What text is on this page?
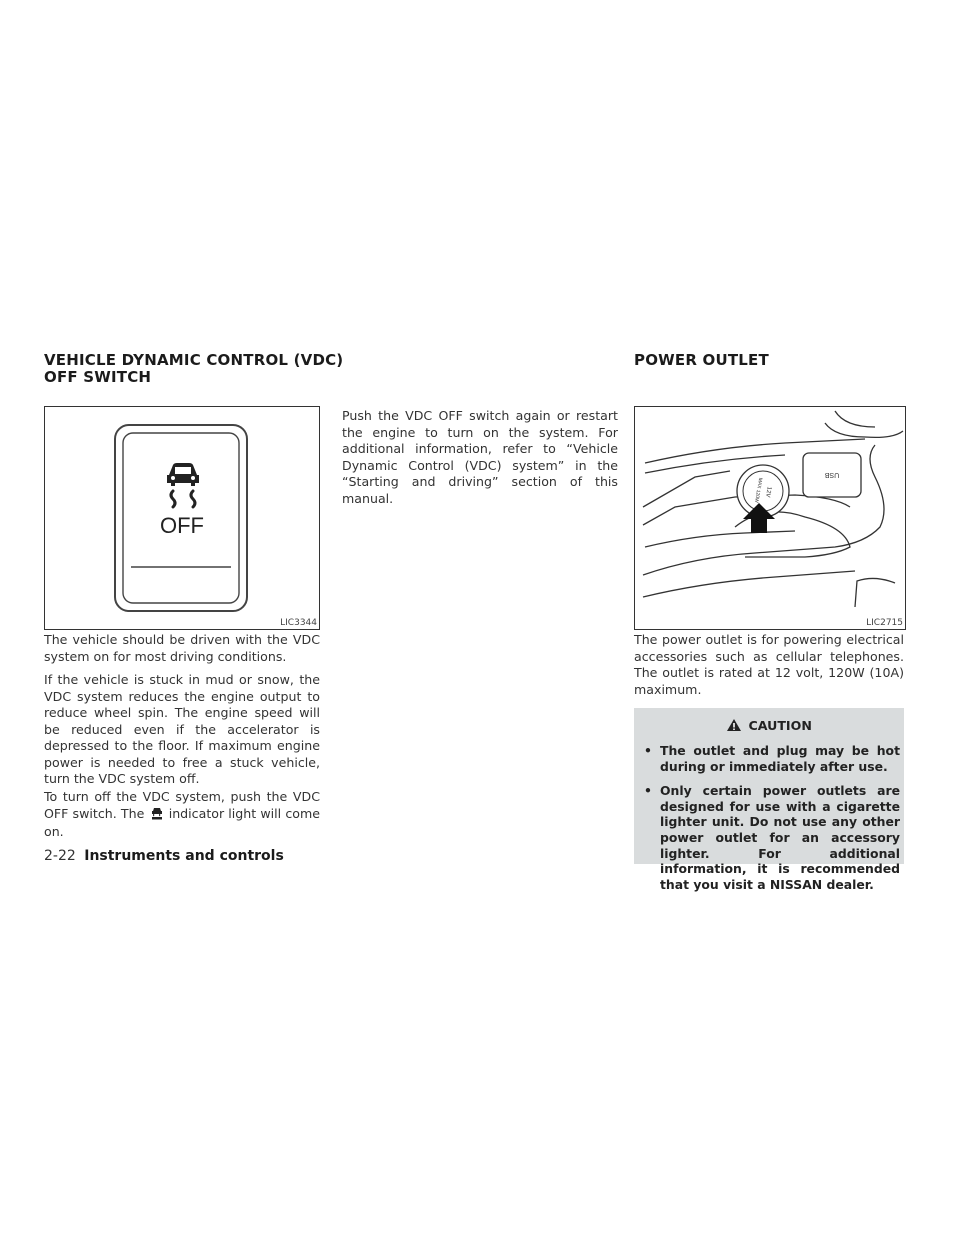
VEHICLE DYNAMIC CONTROL (VDC)
OFF SWITCH
POWER OUTLET
OFF
LIC3344

The vehicle should be driven with the VDC system on for most driving conditions.

If the vehicle is stuck in mud or snow, the VDC system reduces the engine output to reduce wheel spin. The engine speed will be reduced even if the accelerator is depressed to the floor. If maximum engine power is needed to free a stuck vehicle, turn the VDC system off.

To turn off the VDC system, push the VDC OFF switch. The indicator light will come on.

Push the VDC OFF switch again or restart the engine to turn on the system. For additional information, refer to “Vehicle Dynamic Control (VDC) system” in the “Starting and driving” section of this manual.

USB
12V
MAX 120W
LIC2715

The power outlet is for powering electrical accessories such as cellular telephones. The outlet is rated at 12 volt, 120W (10A) maximum.

CAUTION
• The outlet and plug may be hot during or immediately after use.
• Only certain power outlets are designed for use with a cigarette lighter unit. Do not use any other power outlet for an accessory lighter. For additional information, it is recommended that you visit a NISSAN dealer.
2-22 Instruments and controls
